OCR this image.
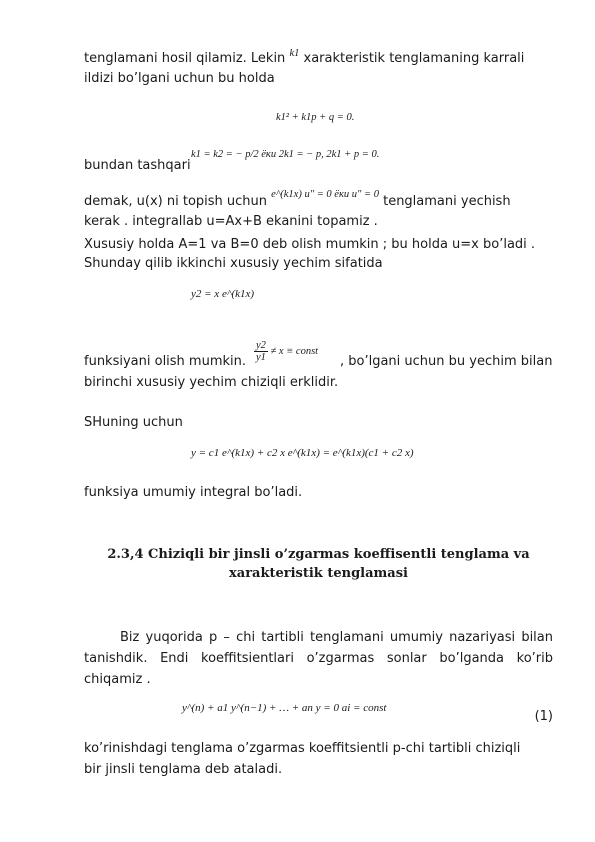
tenglamani hosil qilamiz. Lekin $^{k1}$ xarakteristik tenglamaning karrali
ildizi bo’lgani uchun bu holda
k1² + k1p + q = 0.
bundan tashqari
k1 = k2 = − p/2 ёки 2k1 = − p, 2k1 + p = 0.
demak, u(x) ni topish uchun $^{e\^{}(k1x) u'' = 0 ёки u'' = 0}$ tenglamani yechish
kerak . integrallab u=Ax+B ekanini topamiz .
Xususiy holda A=1 va B=0 deb olish mumkin ; bu holda u=x bo’ladi .
Shunday qilib ikkinchi xususiy yechim sifatida
y2 = x e^(k1x)
$\frac{y2}{y1} \ne x$ ≡ const
funksiyani olish mumkin.	, bo’lgani uchun bu yechim bilan
birinchi xususiy yechim chiziqli erklidir.
SHuning uchun
y = c1 e^(k1x) + c2 x e^(k1x) = e^(k1x)(c1 + c2 x)
funksiya umumiy integral bo’ladi.
2.3,4 Chiziqli bir jinsli o’zgarmas koeffisentli tenglama va
xarakteristik tenglamasi
Biz yuqorida p – chi tartibli tenglamani umumiy nazariyasi bilan tanishdik. Endi koeffitsientlari o’zgarmas sonlar bo’lganda ko’rib chiqamiz .
y^(n) + a1 y^(n−1) + … + an y = 0 ai = const
(1)
ko’rinishdagi tenglama o’zgarmas koeffitsientli p-chi tartibli chiziqli
bir jinsli tenglama deb ataladi.
